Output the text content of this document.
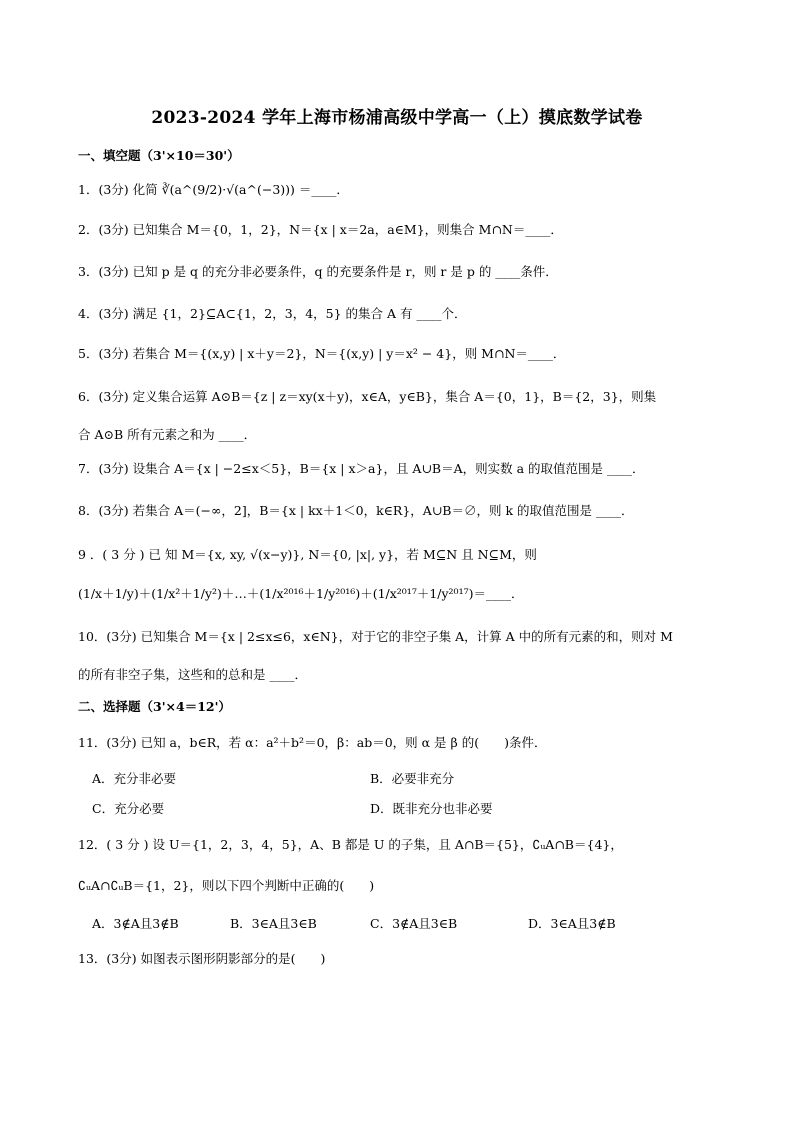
2023-2024 学年上海市杨浦高级中学高一（上）摸底数学试卷
一、填空题（3'×10＝30'）
1．(3分) 化简 ∛(a^(9/2)·√(a^(−3))) ＝____．
2．(3分) 已知集合 M＝{0，1，2}，N＝{x | x＝2a，a∈M}，则集合 M∩N＝____．
3．(3分) 已知 p 是 q 的充分非必要条件，q 的充要条件是 r，则 r 是 p 的 ____条件．
4．(3分) 满足 {1，2}⊆A⊂{1，2，3，4，5} 的集合 A 有 ____个．
5．(3分) 若集合 M＝{(x,y) | x＋y＝2}，N＝{(x,y) | y＝x² − 4}，则 M∩N＝____．
6．(3分) 定义集合运算 A⊙B＝{z | z＝xy(x＋y)，x∈A，y∈B}，集合 A＝{0，1}，B＝{2，3}，则集
合 A⊙B 所有元素之和为 ____．
7．(3分) 设集合 A＝{x | −2≤x＜5}，B＝{x | x＞a}，且 A∪B＝A，则实数 a 的取值范围是 ____．
8．(3分) 若集合 A＝(−∞，2]，B＝{x | kx＋1＜0，k∈R}，A∪B＝∅，则 k 的取值范围是 ____．
9 ．( 3 分 ) 已 知 M＝{x, xy, √(x−y)}, N＝{0, |x|, y}，若 M⊆N 且 N⊆M，则
(1/x＋1/y)＋(1/x²＋1/y²)＋…＋(1/x²⁰¹⁶＋1/y²⁰¹⁶)＋(1/x²⁰¹⁷＋1/y²⁰¹⁷)＝____．
10．(3分) 已知集合 M＝{x | 2≤x≤6，x∈N}，对于它的非空子集 A，计算 A 中的所有元素的和，则对 M
的所有非空子集，这些和的总和是 ____．
二、选择题（3'×4＝12'）
11．(3分) 已知 a，b∈R，若 α：a²＋b²＝0，β：ab＝0，则 α 是 β 的(　　)条件．
A．充分非必要	B．必要非充分
C．充分必要	D．既非充分也非必要
12．( 3 分 ) 设 U＝{1，2，3，4，5}，A、B 都是 U 的子集，且 A∩B＝{5}，∁ᵤA∩B＝{4}，
∁ᵤA∩∁ᵤB＝{1，2}，则以下四个判断中正确的(　　)
A．3∉A且3∉B	B．3∈A且3∈B	C．3∉A且3∈B	D．3∈A且3∉B
13．(3分) 如图表示图形阴影部分的是(　　)
